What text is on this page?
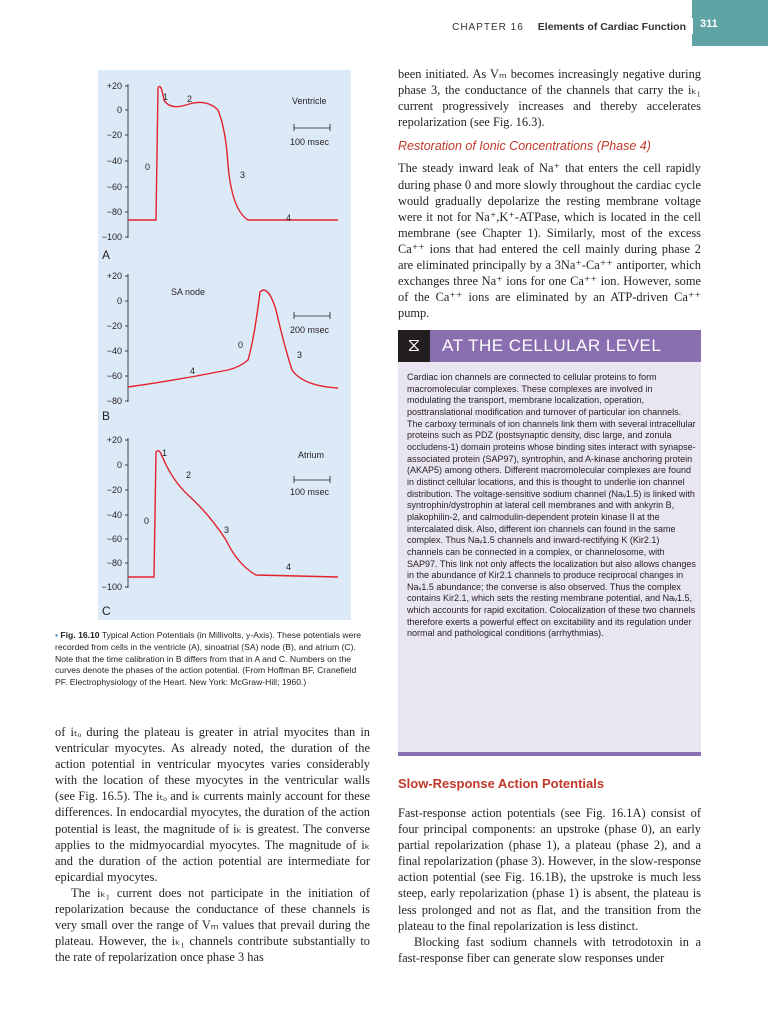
CHAPTER 16 Elements of Cardiac Function 311
+20
0
−20
−40
−60
−80
−100
Ventricle
100 msec
0
1 2
3
4
A
+20
0
−20
−40
−60
−80
SA node
200 msec
0
3
4
B
+20
0
−20
−40
−60
−80
−100
Atrium
100 msec
0
1
2
3
4
C
• Fig. 16.10 Typical Action Potentials (in Millivolts, y-Axis). These potentials were recorded from cells in the ventricle (A), sinoatrial (SA) node (B), and atrium (C). Note that the time calibration in B differs from that in A and C. Numbers on the curves denote the phases of the action potential. (From Hoffman BF, Cranefield PF. Electrophysiology of the Heart. New York: McGraw-Hill; 1960.)

of iₜₒ during the plateau is greater in atrial myocites than in ventricular myocytes. As already noted, the duration of the action potential in ventricular myocytes varies considerably with the location of these myocytes in the ventricular walls (see Fig. 16.5). The iₜₒ and iₖ currents mainly account for these differences. In endocardial myocytes, the duration of the action potential is least, the magnitude of iₖ is greatest. The converse applies to the midmyocardial myocytes. The magnitude of iₖ and the duration of the action potential are intermediate for epicardial myocytes.

The iₖ₁ current does not participate in the initiation of repolarization because the conductance of these channels is very small over the range of Vₘ values that prevail during the plateau. However, the iₖ₁ channels contribute substantially to the rate of repolarization once phase 3 has

been initiated. As Vₘ becomes increasingly negative during phase 3, the conductance of the channels that carry the iₖ₁ current progressively increases and thereby accelerates repolarization (see Fig. 16.3).

Restoration of Ionic Concentrations (Phase 4)

The steady inward leak of Na⁺ that enters the cell rapidly during phase 0 and more slowly throughout the cardiac cycle would gradually depolarize the resting membrane voltage were it not for Na⁺,K⁺-ATPase, which is located in the cell membrane (see Chapter 1). Similarly, most of the excess Ca⁺⁺ ions that had entered the cell mainly during phase 2 are eliminated principally by a 3Na⁺-Ca⁺⁺ antiporter, which exchanges three Na⁺ ions for one Ca⁺⁺ ion. However, some of the Ca⁺⁺ ions are eliminated by an ATP-driven Ca⁺⁺ pump.

⧖	AT THE CELLULAR LEVEL
Cardiac ion channels are connected to cellular proteins to form macromolecular complexes. These complexes are involved in modulating the transport, membrane localization, operation, posttranslational modification and turnover of particular ion channels. The carboxy terminals of ion channels link them with several intracellular proteins such as PDZ (postsynaptic density, disc large, and zonula occludens-1) domain proteins whose binding sites interact with synapse-associated protein (SAP97), syntrophin, and A-kinase anchoring protein (AKAP5) among others. Different macromolecular complexes are found in distinct cellular locations, and this is thought to underlie ion channel distribution. The voltage-sensitive sodium channel (Naᵥ1.5) is linked with syntrophin/dystrophin at lateral cell membranes and with ankyrin B, plakophilin-2, and calmodulin-dependent protein kinase II at the intercalated disk. Also, different ion channels can found in the same complex. Thus Naᵥ1.5 channels and inward-rectifying K (Kir2.1) channels can be connected in a complex, or channelosome, with SAP97. This link not only affects the localization but also allows changes in the abundance of Kir2.1 channels to produce reciprocal changes in Naᵥ1.5 abundance; the converse is also observed. Thus the complex contains Kir2.1, which sets the resting membrane potential, and Naᵥ1.5, which accounts for rapid excitation. Colocalization of these two channels therefore exerts a powerful effect on excitability and its regulation under normal and pathological conditions (arrhythmias).
Slow-Response Action Potentials

Fast-response action potentials (see Fig. 16.1A) consist of four principal components: an upstroke (phase 0), an early partial repolarization (phase 1), a plateau (phase 2), and a final repolarization (phase 3). However, in the slow-response action potential (see Fig. 16.1B), the upstroke is much less steep, early repolarization (phase 1) is absent, the plateau is less prolonged and not as flat, and the transition from the plateau to the final repolarization is less distinct.

Blocking fast sodium channels with tetrodotoxin in a fast-response fiber can generate slow responses under
